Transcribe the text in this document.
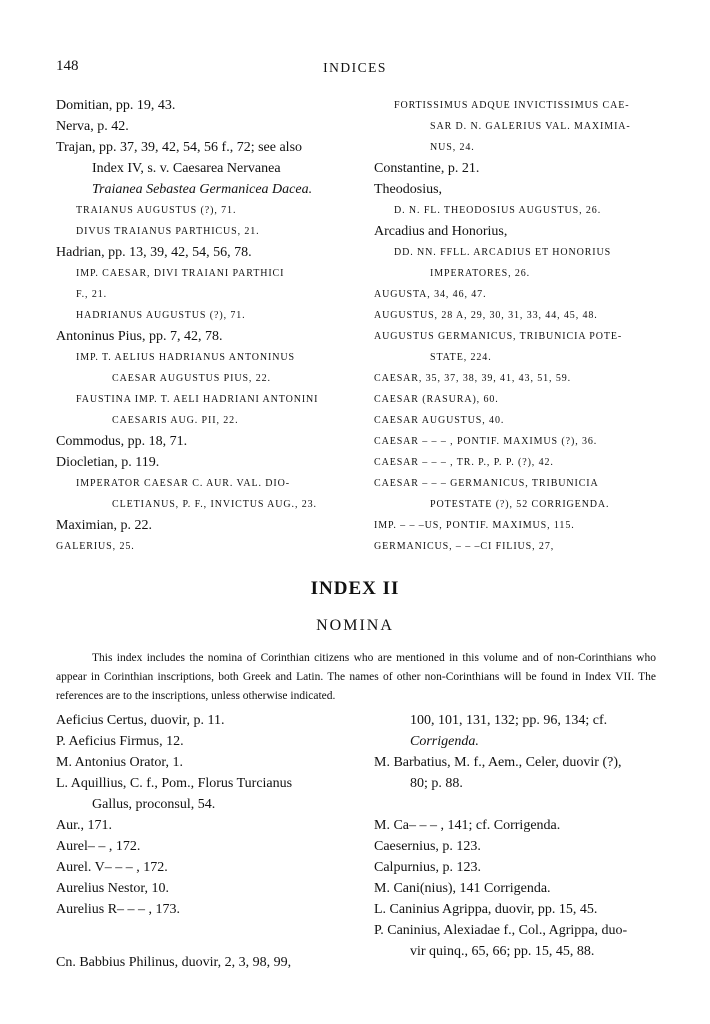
148	INDICES
Domitian, pp. 19, 43.
Nerva, p. 42.
Trajan, pp. 37, 39, 42, 54, 56 f., 72; see also
Index IV, s. v. Caesarea Nervanea
Traianea Sebastea Germanicea Dacea.
TRAIANUS AUGUSTUS (?), 71.
DIVUS TRAIANUS PARTHICUS, 21.
Hadrian, pp. 13, 39, 42, 54, 56, 78.
IMP. CAESAR, DIVI TRAIANI PARTHICI
F., 21.
HADRIANUS AUGUSTUS (?), 71.
Antoninus Pius, pp. 7, 42, 78.
IMP. T. AELIUS HADRIANUS ANTONINUS
CAESAR AUGUSTUS PIUS, 22.
FAUSTINA IMP. T. AELI HADRIANI ANTONINI
CAESARIS AUG. PII, 22.
Commodus, pp. 18, 71.
Diocletian, p. 119.
IMPERATOR CAESAR C. AUR. VAL. DIO-
CLETIANUS, P. F., INVICTUS AUG., 23.
Maximian, p. 22.
GALERIUS, 25.
FORTISSIMUS ADQUE INVICTISSIMUS CAE-
SAR D. N. GALERIUS VAL. MAXIMIA-
NUS, 24.
Constantine, p. 21.
Theodosius,
D. N. FL. THEODOSIUS AUGUSTUS, 26.
Arcadius and Honorius,
DD. NN. FFLL. ARCADIUS ET HONORIUS
IMPERATORES, 26.
AUGUSTA, 34, 46, 47.
AUGUSTUS, 28 A, 29, 30, 31, 33, 44, 45, 48.
AUGUSTUS GERMANICUS, TRIBUNICIA POTE-
STATE, 224.
CAESAR, 35, 37, 38, 39, 41, 43, 51, 59.
CAESAR (RASURA), 60.
CAESAR AUGUSTUS, 40.
CAESAR – – – , PONTIF. MAXIMUS (?), 36.
CAESAR – – – , TR. P., P. P. (?), 42.
CAESAR – – – GERMANICUS, TRIBUNICIA
POTESTATE (?), 52 CORRIGENDA.
IMP. – – –US, PONTIF. MAXIMUS, 115.
GERMANICUS, – – –CI FILIUS, 27,
INDEX II
NOMINA
This index includes the nomina of Corinthian citizens who are mentioned in this volume and of non-Corinthians who appear in Corinthian inscriptions, both Greek and Latin. The names of other non-Corinthians will be found in Index VII. The references are to the inscriptions, unless otherwise indicated.
Aeficius Certus, duovir, p. 11.
P. Aeficius Firmus, 12.
M. Antonius Orator, 1.
L. Aquillius, C. f., Pom., Florus Turcianus
Gallus, proconsul, 54.
Aur., 171.
Aurel– – , 172.
Aurel. V– – – , 172.
Aurelius Nestor, 10.
Aurelius R– – – , 173.
Cn. Babbius Philinus, duovir, 2, 3, 98, 99,
100, 101, 131, 132; pp. 96, 134; cf.
Corrigenda.
M. Barbatius, M. f., Aem., Celer, duovir (?),
80; p. 88.
M. Ca– – – , 141; cf. Corrigenda.
Caesernius, p. 123.
Calpurnius, p. 123.
M. Cani(nius), 141 Corrigenda.
L. Caninius Agrippa, duovir, pp. 15, 45.
P. Caninius, Alexiadae f., Col., Agrippa, duo-
vir quinq., 65, 66; pp. 15, 45, 88.
